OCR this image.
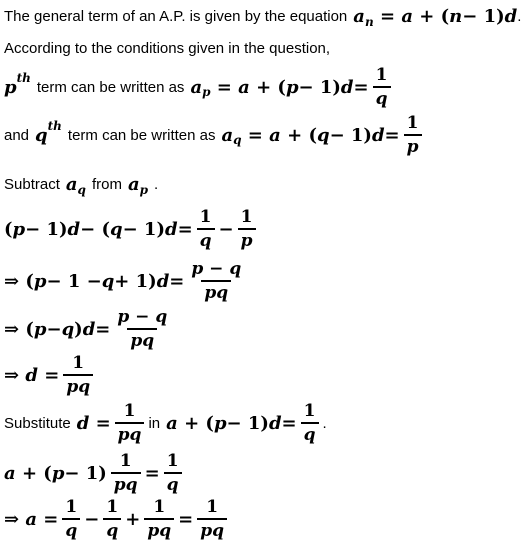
The general term of an A.P. is given by the equation a n = a + ( n − 1) d .
According to the conditions given in the question,
p th
term can be written as a p = a + ( p − 1) $d = \frac{1}{q}$
and q th
term can be written as a q = a + ( q − 1) $d = \frac{1}{p}$
Subtract a q from a p .
( p − 1) d − ( q − 1) $d = \frac{1}{q} - \frac{1}{p}$
⇒ ( p − 1 − q + 1) $d = \frac{p - q}{pq}$
⇒ ( p − q ) $d = \frac{p - q}{pq}$
⇒ $d = \frac{1}{pq}$
Substitute $d = \frac{1}{pq}$ in a + ( p − 1) $d = \frac{1}{q}$ .
a + ( $p - 1) \frac{1}{pq} = \frac{1}{q}$
⇒ $a = \frac{1}{q} - \frac{1}{q} + \frac{1}{pq} = \frac{1}{pq}$
